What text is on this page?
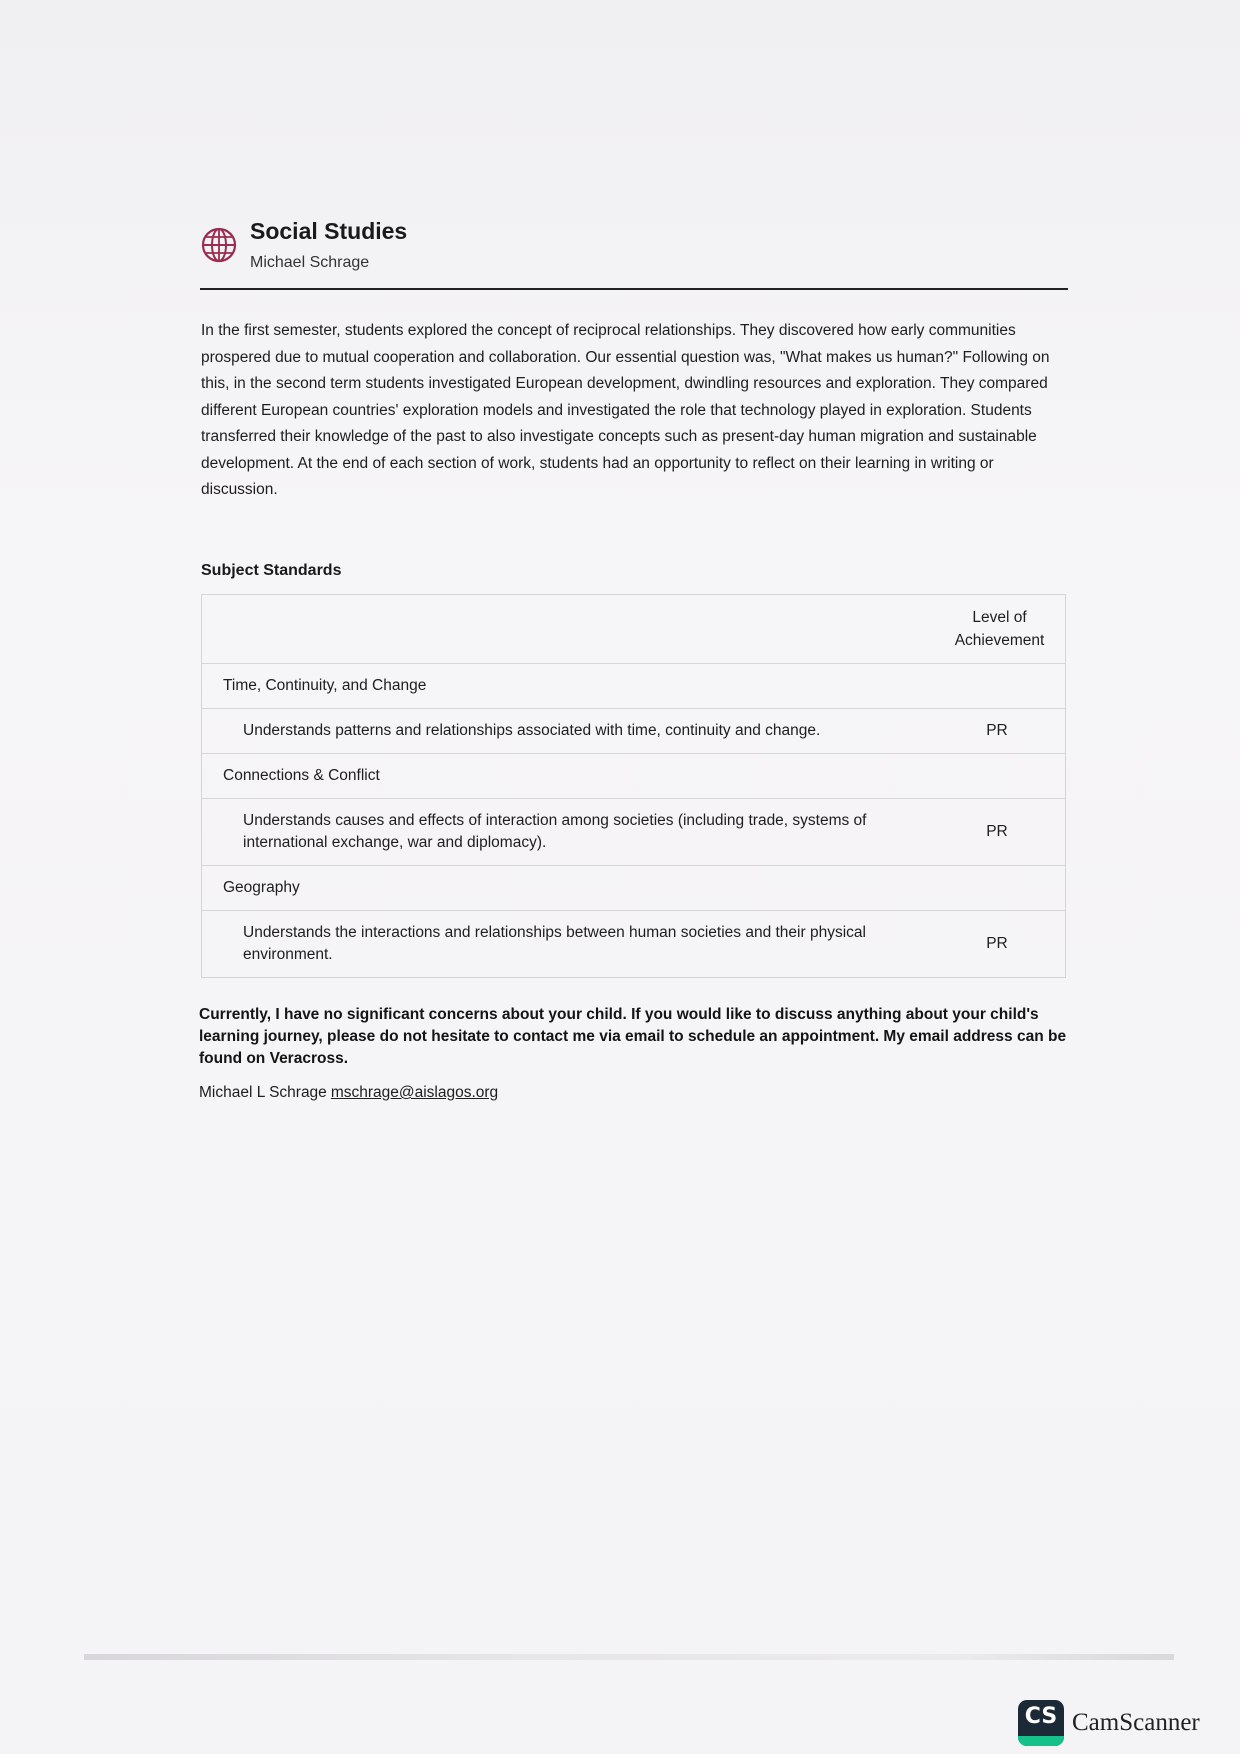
Social Studies
Michael Schrage
In the first semester, students explored the concept of reciprocal relationships. They discovered how early communities prospered due to mutual cooperation and collaboration. Our essential question was, "What makes us human?" Following on this, in the second term students investigated European development, dwindling resources and exploration. They compared different European countries' exploration models and investigated the role that technology played in exploration. Students transferred their knowledge of the past to also investigate concepts such as present-day human migration and sustainable development. At the end of each section of work, students had an opportunity to reflect on their learning in writing or discussion.
Subject Standards
	Level of Achievement
Time, Continuity, and Change	
Understands patterns and relationships associated with time, continuity and change.	PR
Connections & Conflict	
Understands causes and effects of interaction among societies (including trade, systems of international exchange, war and diplomacy).	PR
Geography	
Understands the interactions and relationships between human societies and their physical environment.	PR
Currently, I have no significant concerns about your child. If you would like to discuss anything about your child's learning journey, please do not hesitate to contact me via email to schedule an appointment. My email address can be found on Veracross.
Michael L Schrage mschrage@aislagos.org
CS CamScanner
